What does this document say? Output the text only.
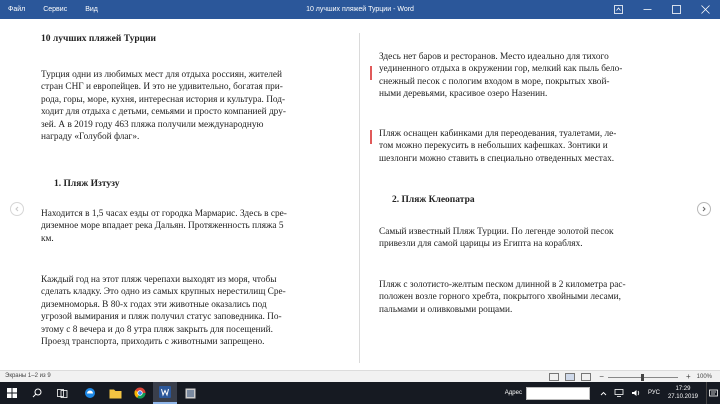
10 лучших пляжей Турции - Word
Файл	Сервис	Вид
10 лучших пляжей Турции
Турция одни из любимых мест для отдыха россиян, жителей
стран СНГ и европейцев. И это не удивительно, богатая при-
рода, горы, море, кухня, интересная история и культура. Под-
ходит для отдыха с детьми, семьями и просто компанией дру-
зей. А в 2019 году 463 пляжа получили международную
награду «Голубой флаг».
1. Пляж Изтузу
Находится в 1,5 часах езды от городка Мармарис. Здесь в сре-
диземное море впадает река Дальян. Протяженность пляжа 5
км.
Каждый год на этот пляж черепахи выходят из моря, чтобы
сделать кладку. Это одно из самых крупных нерестилищ Сре-
диземноморья. В 80-х годах эти животные оказались под
угрозой вымирания и пляж получил статус заповедника. По-
этому с 8 вечера и до 8 утра пляж закрыть для посещений.
Проезд транспорта, приходить с животными запрещено.
Здесь нет баров и ресторанов. Место идеально для тихого
уединенного отдыха в окружении гор, мелкий как пыль бело-
снежный песок с пологим входом в море, покрытых хвой-
ными деревьями, красивое озеро Назенин.
Пляж оснащен кабинками для переодевания, туалетами, ле-
том можно перекусить в небольших кафешках. Зонтики и
шезлонги можно ставить в специально отведенных местах.
2. Пляж Клеопатра
Самый известный Пляж Турции. По легенде золотой песок
привезли для самой царицы из Египта на кораблях.
Пляж с золотисто-желтым песком длинной в 2 километра рас-
положен возле горного хребта, покрытого хвойными лесами,
пальмами и оливковыми рощами.
Экраны 1–2 из 9	−	+ 100%
Адрес	РУС
17:29
27.10.2019
